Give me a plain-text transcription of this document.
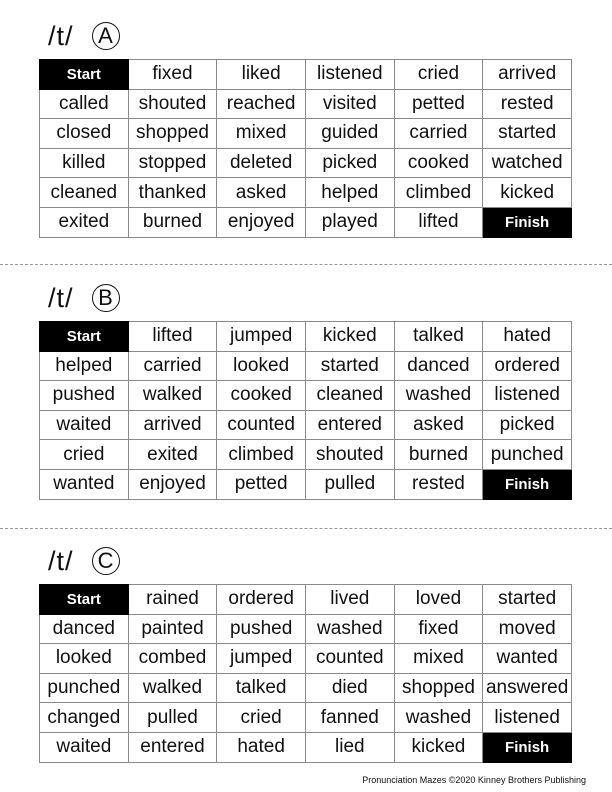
/t/	A
Start	fixed	liked	listened	cried	arrived
called	shouted	reached	visited	petted	rested
closed	shopped	mixed	guided	carried	started
killed	stopped	deleted	picked	cooked	watched
cleaned	thanked	asked	helped	climbed	kicked
exited	burned	enjoyed	played	lifted	Finish
/t/	B
Start	lifted	jumped	kicked	talked	hated
helped	carried	looked	started	danced	ordered
pushed	walked	cooked	cleaned	washed	listened
waited	arrived	counted	entered	asked	picked
cried	exited	climbed	shouted	burned	punched
wanted	enjoyed	petted	pulled	rested	Finish
/t/ C
Start	rained	ordered	lived	loved	started
danced	painted	pushed	washed	fixed	moved
looked	combed	jumped	counted	mixed	wanted
punched	walked	talked	died	shopped	answered
changed	pulled	cried	fanned	washed	listened
waited	entered	hated	lied	kicked	Finish
Pronunciation Mazes ©2020 Kinney Brothers Publishing
